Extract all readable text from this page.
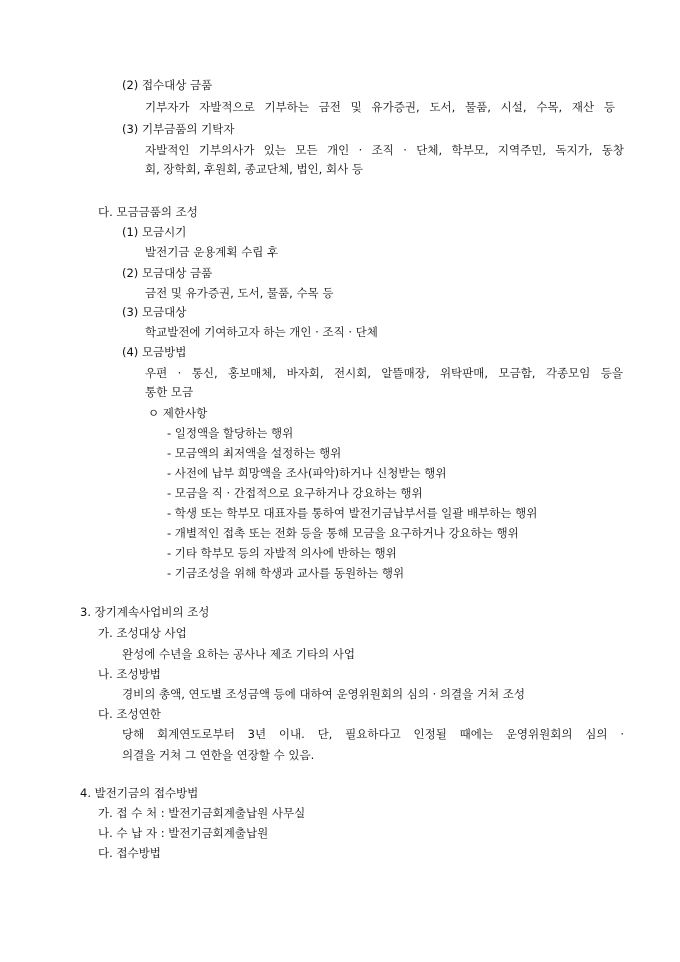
(2) 접수대상 금품
기부자가 자발적으로 기부하는 금전 및 유가증권, 도서, 물품, 시설, 수목, 재산 등
(3) 기부금품의 기탁자
자발적인 기부의사가 있는 모든 개인 · 조직 · 단체, 학부모, 지역주민, 독지가, 동창
회, 장학회, 후원회, 종교단체, 법인, 회사 등
다. 모금금품의 조성
(1) 모금시기
발전기금 운용계획 수립 후
(2) 모금대상 금품
금전 및 유가증권, 도서, 물품, 수목 등
(3) 모금대상
학교발전에 기여하고자 하는 개인 · 조직 · 단체
(4) 모금방법
우편 · 통신, 홍보매체, 바자회, 전시회, 알뜰매장, 위탁판매, 모금함, 각종모임 등을
통한 모금
ㅇ 제한사항
- 일정액을 할당하는 행위
- 모금액의 최저액을 설정하는 행위
- 사전에 납부 희망액을 조사(파악)하거나 신청받는 행위
- 모금을 직 · 간접적으로 요구하거나 강요하는 행위
- 학생 또는 학부모 대표자를 통하여 발전기금납부서를 일괄 배부하는 행위
- 개별적인 접촉 또는 전화 등을 통해 모금을 요구하거나 강요하는 행위
- 기타 학부모 등의 자발적 의사에 반하는 행위
- 기금조성을 위해 학생과 교사를 동원하는 행위
3. 장기계속사업비의 조성
가. 조성대상 사업
완성에 수년을 요하는 공사나 제조 기타의 사업
나. 조성방법
경비의 총액, 연도별 조성금액 등에 대하여 운영위원회의 심의 · 의결을 거쳐 조성
다. 조성연한
당해 회계연도로부터 3년 이내. 단, 필요하다고 인정될 때에는 운영위원회의 심의 ·
의결을 거쳐 그 연한을 연장할 수 있음.
4. 발전기금의 접수방법
가. 접 수 처 : 발전기금회계출납원 사무실
나. 수 납 자 : 발전기금회계출납원
다. 접수방법
